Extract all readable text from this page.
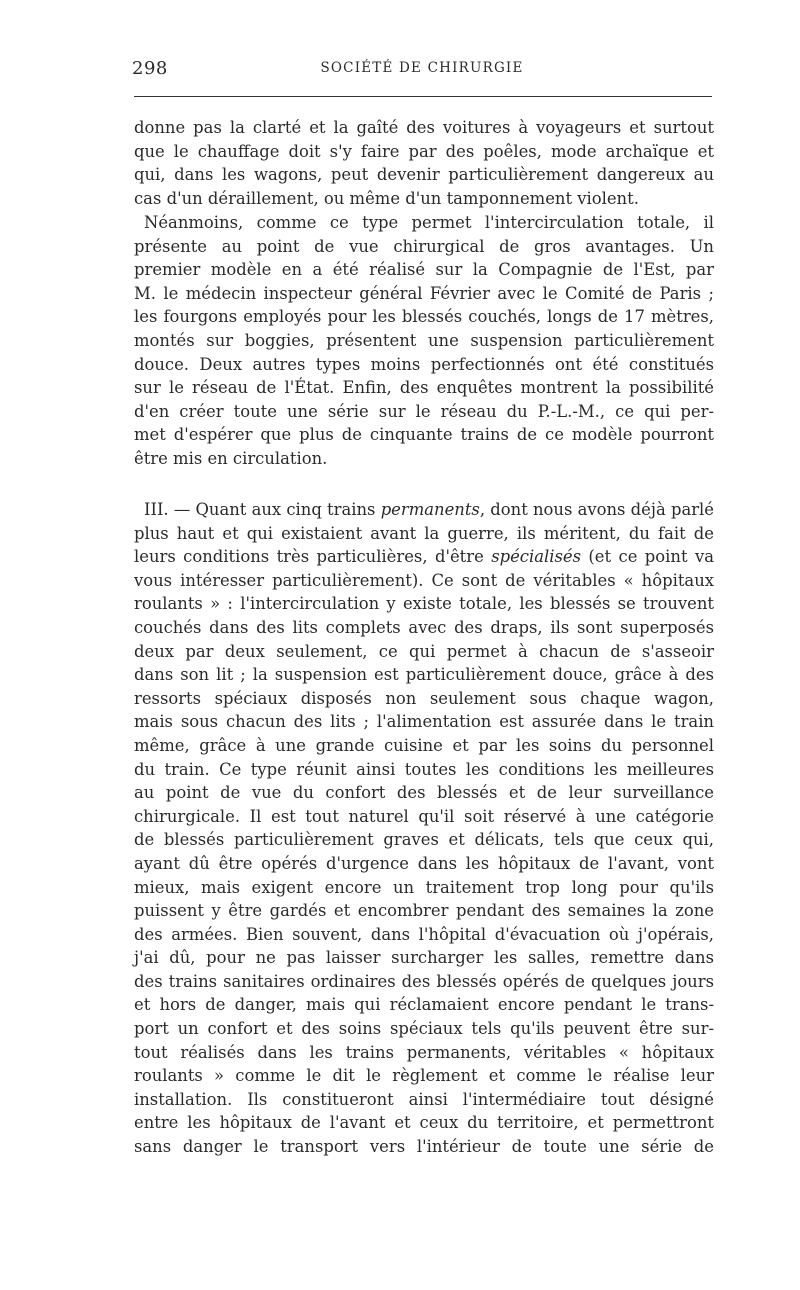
298	SOCIÉTÉ DE CHIRURGIE
donne pas la clarté et la gaîté des voitures à voyageurs et surtout
que le chauffage doit s'y faire par des poêles, mode archaïque et
qui, dans les wagons, peut devenir particulièrement dangereux au
cas d'un déraillement, ou même d'un tamponnement violent.
Néanmoins, comme ce type permet l'intercirculation totale, il
présente au point de vue chirurgical de gros avantages. Un
premier modèle en a été réalisé sur la Compagnie de l'Est, par
M. le médecin inspecteur général Février avec le Comité de Paris ;
les fourgons employés pour les blessés couchés, longs de 17 mètres,
montés sur boggies, présentent une suspension particulièrement
douce. Deux autres types moins perfectionnés ont été constitués
sur le réseau de l'État. Enfin, des enquêtes montrent la possibilité
d'en créer toute une série sur le réseau du P.-L.-M., ce qui per-
met d'espérer que plus de cinquante trains de ce modèle pourront
être mis en circulation.
III. — Quant aux cinq trains permanents, dont nous avons déjà parlé
plus haut et qui existaient avant la guerre, ils méritent, du fait de
leurs conditions très particulières, d'être spécialisés (et ce point va
vous intéresser particulièrement). Ce sont de véritables « hôpitaux
roulants » : l'intercirculation y existe totale, les blessés se trouvent
couchés dans des lits complets avec des draps, ils sont superposés
deux par deux seulement, ce qui permet à chacun de s'asseoir
dans son lit ; la suspension est particulièrement douce, grâce à des
ressorts spéciaux disposés non seulement sous chaque wagon,
mais sous chacun des lits ; l'alimentation est assurée dans le train
même, grâce à une grande cuisine et par les soins du personnel
du train. Ce type réunit ainsi toutes les conditions les meilleures
au point de vue du confort des blessés et de leur surveillance
chirurgicale. Il est tout naturel qu'il soit réservé à une catégorie
de blessés particulièrement graves et délicats, tels que ceux qui,
ayant dû être opérés d'urgence dans les hôpitaux de l'avant, vont
mieux, mais exigent encore un traitement trop long pour qu'ils
puissent y être gardés et encombrer pendant des semaines la zone
des armées. Bien souvent, dans l'hôpital d'évacuation où j'opérais,
j'ai dû, pour ne pas laisser surcharger les salles, remettre dans
des trains sanitaires ordinaires des blessés opérés de quelques jours
et hors de danger, mais qui réclamaient encore pendant le trans-
port un confort et des soins spéciaux tels qu'ils peuvent être sur-
tout réalisés dans les trains permanents, véritables « hôpitaux
roulants » comme le dit le règlement et comme le réalise leur
installation. Ils constitueront ainsi l'intermédiaire tout désigné
entre les hôpitaux de l'avant et ceux du territoire, et permettront
sans danger le transport vers l'intérieur de toute une série de
